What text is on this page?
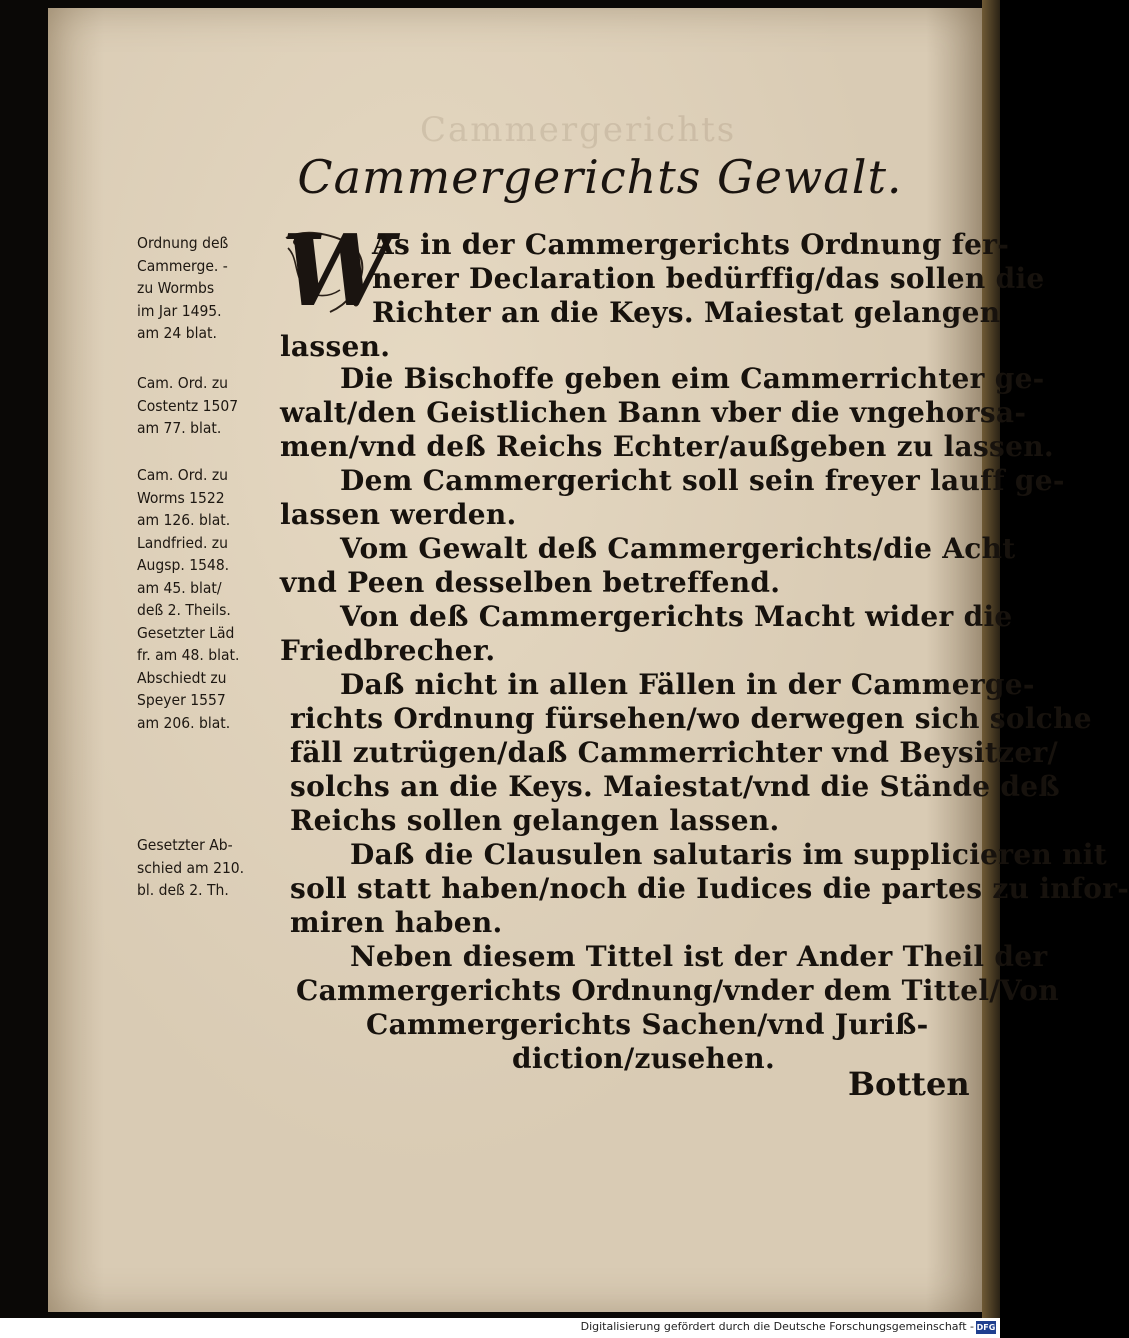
Cammergerichts
Cammergerichts Gewalt.
Ordnung deß
Cammerge. -
zu Wormbs
im Jar 1495.
am 24 blat.
Cam. Ord. zu
Costentz 1507
am 77. blat.
Cam. Ord. zu
Worms 1522
am 126. blat.
Landfried. zu
Augsp. 1548.
am 45. blat/
deß 2. Theils.
Gesetzter Läd
fr. am 48. blat.
Abschiedt zu
Speyer 1557
am 206. blat.
Gesetzter Ab-
schied am 210.
bl. deß 2. Th.
W
As in der Cammergerichts Ordnung fer-
nerer Declaration bedürffig/das sollen die
Richter an die Keys. Maiestat gelangen
lassen.
Die Bischoffe geben eim Cammerrichter ge-
walt/den Geistlichen Bann vber die vngehorsa-
men/vnd deß Reichs Echter/außgeben zu lassen.
Dem Cammergericht soll sein freyer lauff ge-
lassen werden.
Vom Gewalt deß Cammergerichts/die Acht
vnd Peen desselben betreffend.
Von deß Cammergerichts Macht wider die
Friedbrecher.
Daß nicht in allen Fällen in der Cammerge-
richts Ordnung fürsehen/wo derwegen sich solche
fäll zutrügen/daß Cammerrichter vnd Beysitzer/
solchs an die Keys. Maiestat/vnd die Stände deß
Reichs sollen gelangen lassen.
Daß die Clausulen salutaris im supplicieren nit
soll statt haben/noch die Iudices die partes zu infor-
miren haben.
Neben diesem Tittel ist der Ander Theil der
Cammergerichts Ordnung/vnder dem Tittel/Von
Cammergerichts Sachen/vnd Juriß-
diction/zusehen.
Botten
Digitalisierung gefördert durch die Deutsche Forschungsgemeinschaft - DFG
